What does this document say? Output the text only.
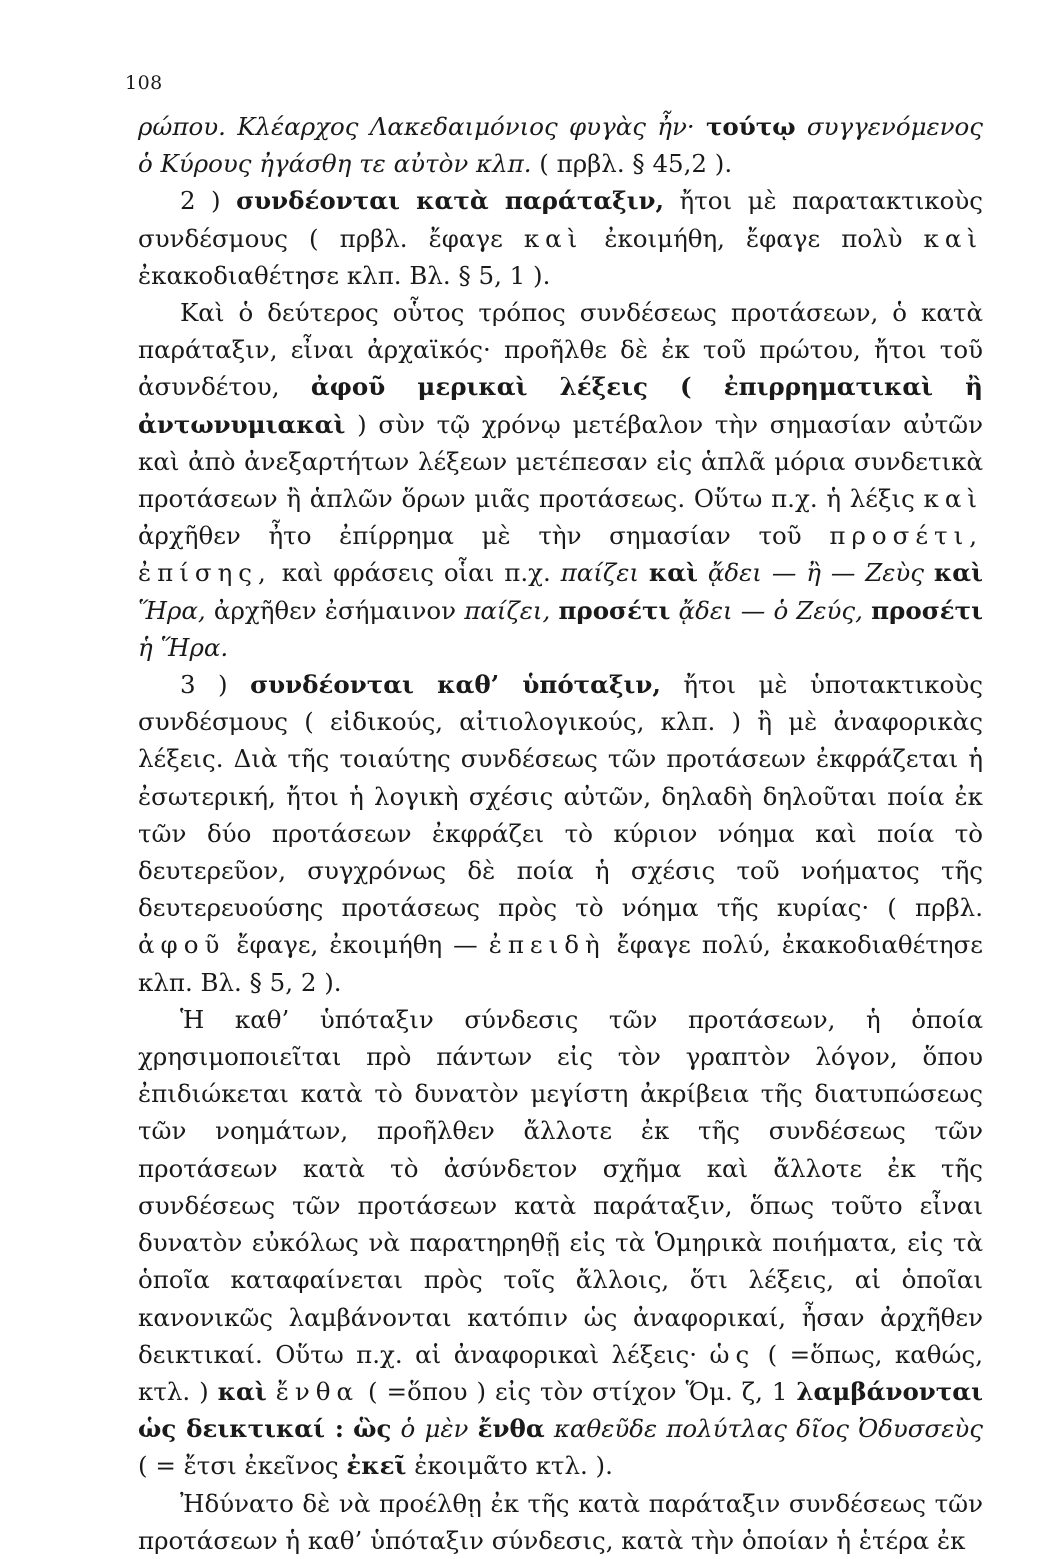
108

ρώπου. Κλέαρχος Λακεδαιμόνιος φυγὰς ἦν· τούτῳ συγγενόμενος ὁ Κύρους ἠγάσθη τε αὐτὸν κλπ. ( πρβλ. § 45,2 ).

2 ) συνδέονται κατὰ παράταξιν, ἤτοι μὲ παρατακτικοὺς συνδέσμους ( πρβλ. ἔφαγε καὶ ἐκοιμήθη, ἔφαγε πολὺ καὶ ἐκακοδιαθέτησε κλπ. Βλ. § 5, 1 ).

Καὶ ὁ δεύτερος οὗτος τρόπος συνδέσεως προτάσεων, ὁ κατὰ παράταξιν, εἶναι ἀρχαϊκός· προῆλθε δὲ ἐκ τοῦ πρώτου, ἤτοι τοῦ ἀσυνδέτου, ἀφοῦ μερικαὶ λέξεις ( ἐπιρρηματικαὶ ἢ ἀντωνυμιακαὶ ) σὺν τῷ χρόνῳ μετέβαλον τὴν σημασίαν αὐτῶν καὶ ἀπὸ ἀνεξαρτήτων λέξεων μετέπεσαν εἰς ἁπλᾶ μόρια συνδετικὰ προτάσεων ἢ ἁπλῶν ὅρων μιᾶς προτάσεως. Οὕτω π.χ. ἡ λέξις καὶ ἀρχῆθεν ἦτο ἐπίρρημα μὲ τὴν σημασίαν τοῦ προσέτι, ἐπίσης, καὶ φράσεις οἷαι π.χ. παίζει καὶ ᾄδει — ἢ — Ζεὺς καὶ Ἥρα, ἀρχῆθεν ἐσήμαινον παίζει, προσέτι ᾄδει — ὁ Ζεύς, προσέτι ἡ Ἥρα.

3 ) συνδέονται καθ’ ὑπόταξιν, ἤτοι μὲ ὑποτακτικοὺς συνδέσμους ( εἰδικούς, αἰτιολογικούς, κλπ. ) ἢ μὲ ἀναφορικὰς λέξεις. Διὰ τῆς τοιαύτης συνδέσεως τῶν προτάσεων ἐκφράζεται ἡ ἐσωτερική, ἤτοι ἡ λογικὴ σχέσις αὐτῶν, δηλαδὴ δηλοῦται ποία ἐκ τῶν δύο προτάσεων ἐκφράζει τὸ κύριον νόημα καὶ ποία τὸ δευτερεῦον, συγχρόνως δὲ ποία ἡ σχέσις τοῦ νοήματος τῆς δευτερευούσης προτάσεως πρὸς τὸ νόημα τῆς κυρίας· ( πρβλ. ἀφοῦ ἔφαγε, ἐκοιμήθη — ἐπειδὴ ἔφαγε πολύ, ἐκακοδιαθέτησε κλπ. Βλ. § 5, 2 ).

Ἡ καθ’ ὑπόταξιν σύνδεσις τῶν προτάσεων, ἡ ὁποία χρησιμοποιεῖται πρὸ πάντων εἰς τὸν γραπτὸν λόγον, ὅπου ἐπιδιώκεται κατὰ τὸ δυνατὸν μεγίστη ἀκρίβεια τῆς διατυπώσεως τῶν νοημάτων, προῆλθεν ἄλλοτε ἐκ τῆς συνδέσεως τῶν προτάσεων κατὰ τὸ ἀσύνδετον σχῆμα καὶ ἄλλοτε ἐκ τῆς συνδέσεως τῶν προτάσεων κατὰ παράταξιν, ὅπως τοῦτο εἶναι δυνατὸν εὐκόλως νὰ παρατηρηθῇ εἰς τὰ Ὁμηρικὰ ποιήματα, εἰς τὰ ὁποῖα καταφαίνεται πρὸς τοῖς ἄλλοις, ὅτι λέξεις, αἱ ὁποῖαι κανονικῶς λαμβάνονται κατόπιν ὡς ἀναφορικαί, ἦσαν ἀρχῆθεν δεικτικαί. Οὕτω π.χ. αἱ ἀναφορικαὶ λέξεις· ὡς ( =ὅπως, καθώς, κτλ. ) καὶ ἔνθα ( =ὅπου ) εἰς τὸν στίχον Ὅμ. ζ, 1 λαμβάνονται ὡς δεικτικαί : ὣς ὁ μὲν ἔνθα καθεῦδε πολύτλας δῖος Ὀδυσσεὺς ( = ἔτσι ἐκεῖνος ἐκεῖ ἐκοιμᾶτο κτλ. ).

Ἠδύνατο δὲ νὰ προέλθῃ ἐκ τῆς κατὰ παράταξιν συνδέσεως τῶν προτάσεων ἡ καθ’ ὑπόταξιν σύνδεσις, κατὰ τὴν ὁποίαν ἡ ἑτέρα ἐκ
